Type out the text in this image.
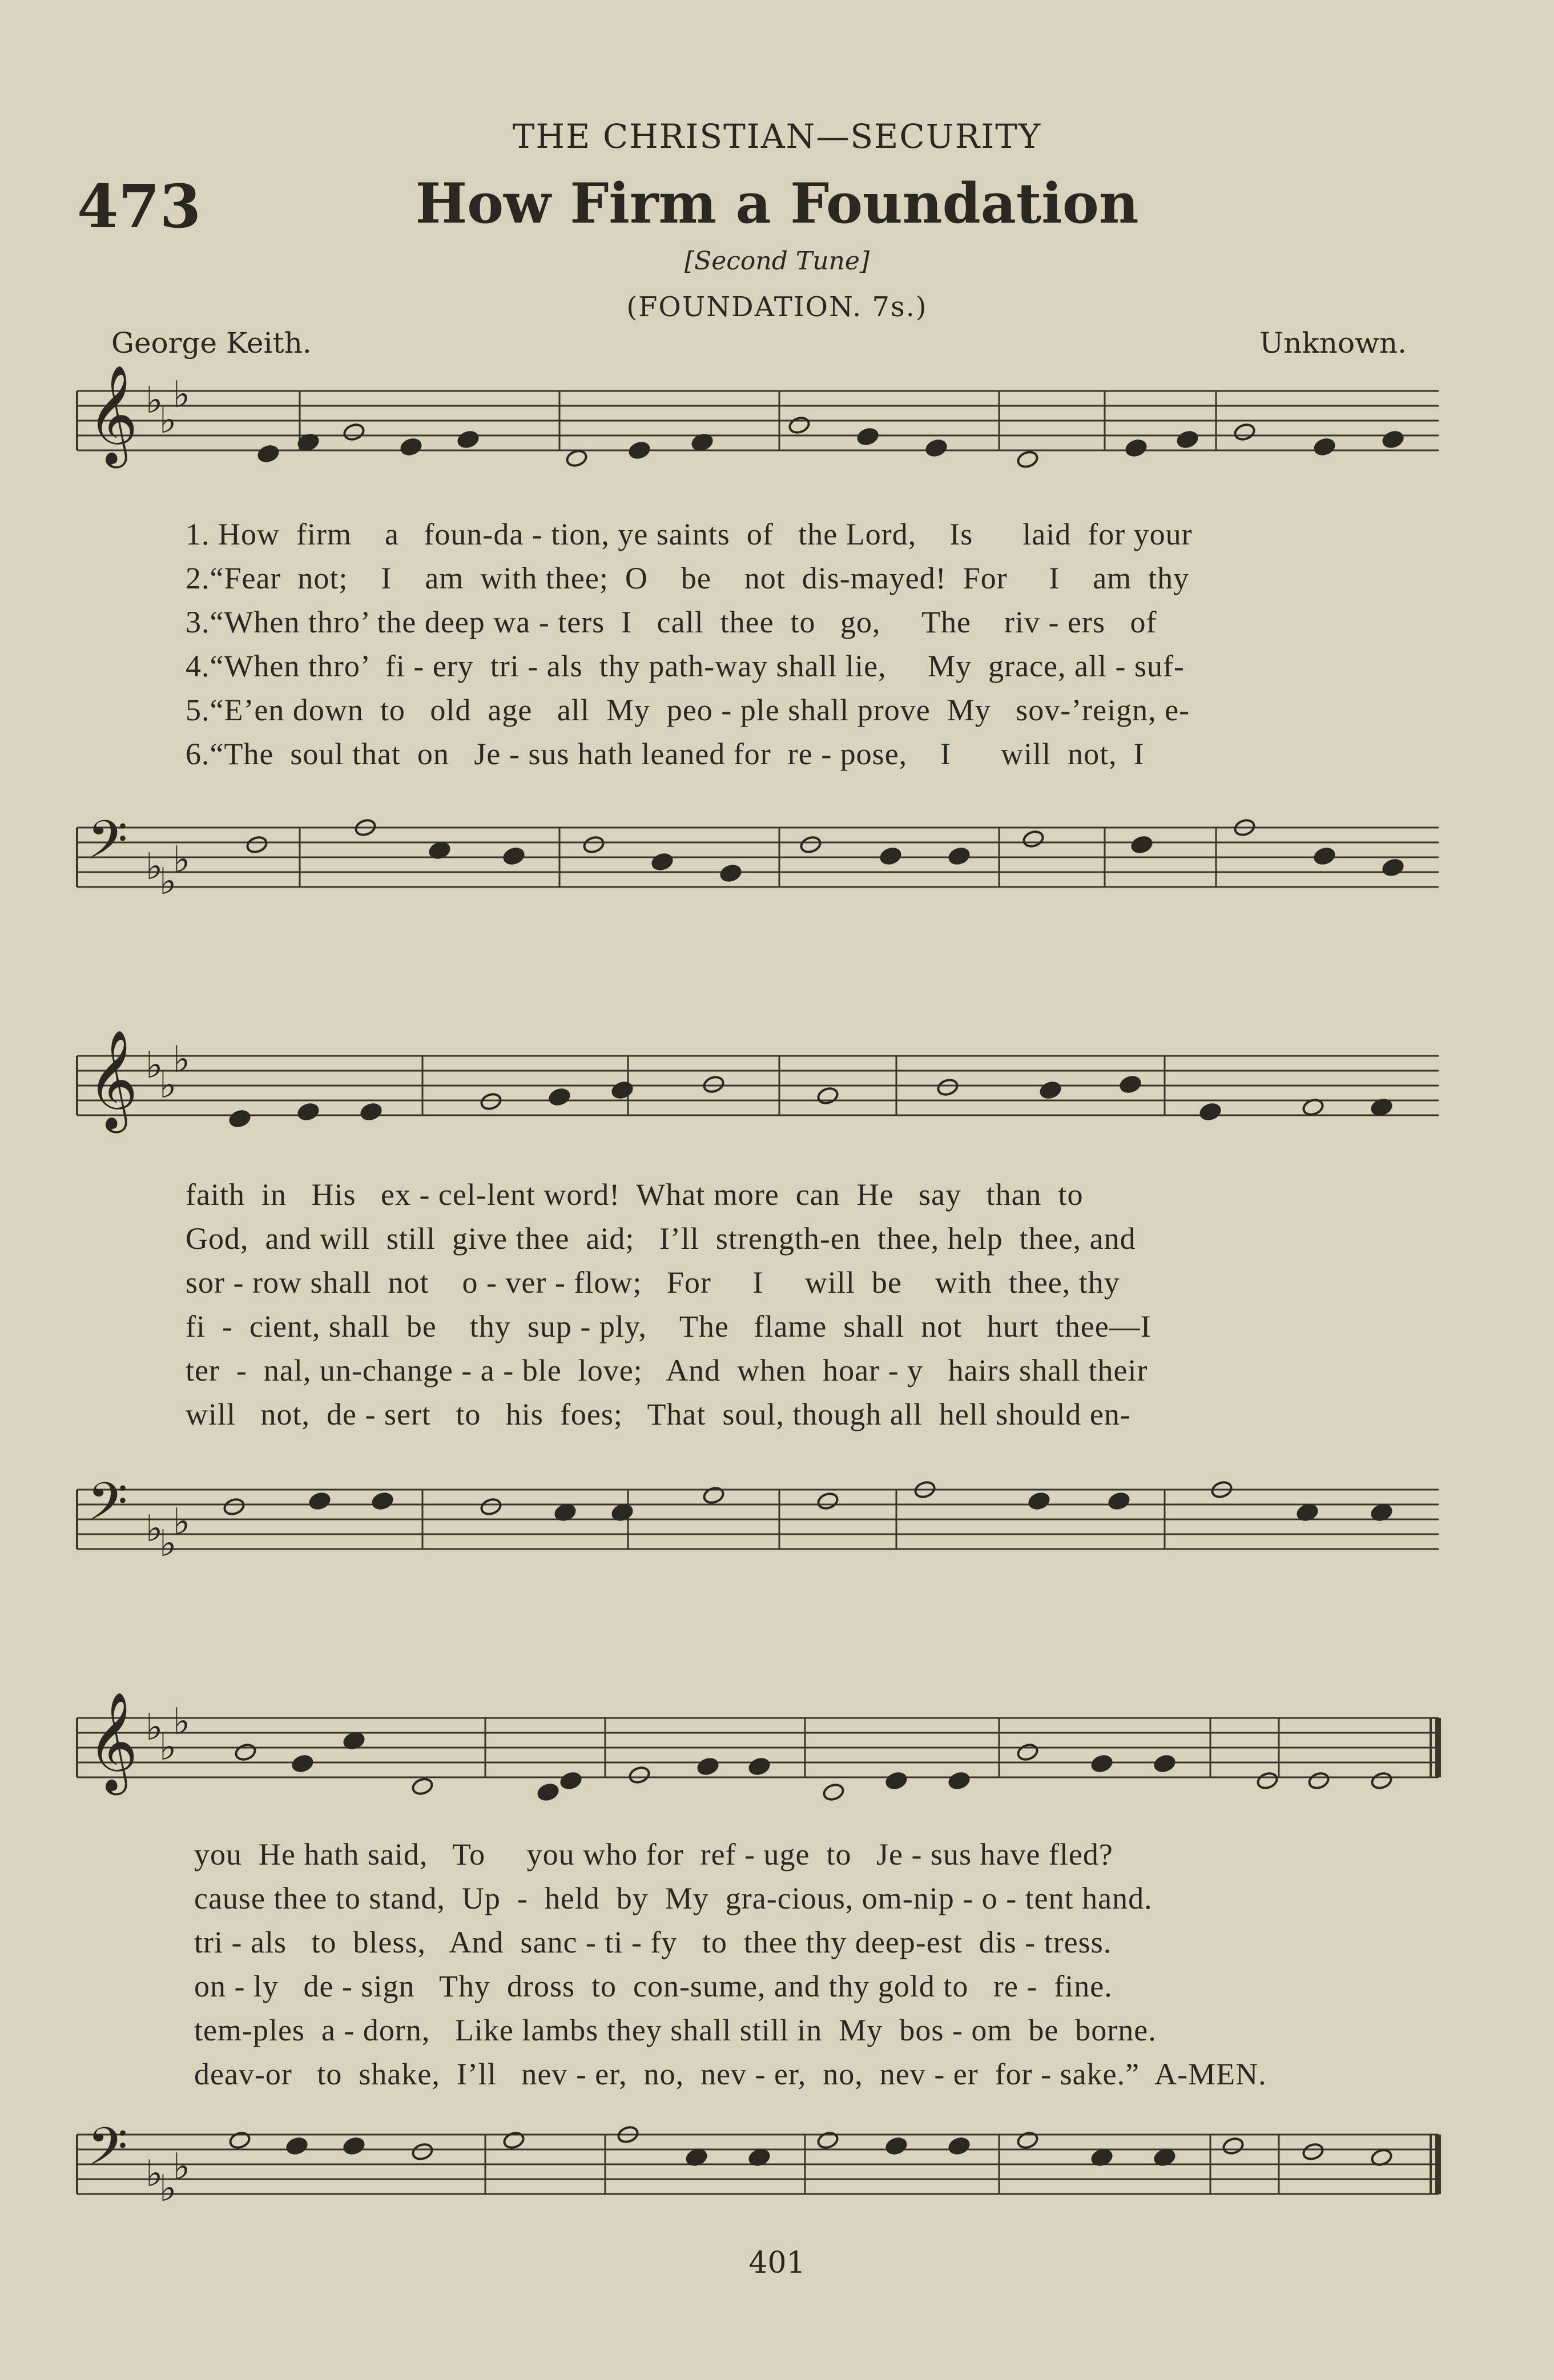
THE CHRISTIAN—SECURITY
473	How Firm a Foundation
[Second Tune]
(FOUNDATION. 7s.)
George Keith.	Unknown.
𝄞 ♭
♭
♭
1. How  firm    a   foun-da - tion, ye saints  of   the Lord,    Is      laid  for your
2.“Fear  not;    I    am  with thee;  O    be    not  dis-mayed!  For     I    am  thy
3.“When thro’ the deep wa - ters  I   call  thee  to   go,     The    riv - ers   of
4.“When thro’  fi - ery  tri - als  thy path-way shall lie,     My  grace, all - suf-
5.“E’en down  to   old  age   all  My  peo - ple shall prove  My   sov-’reign, e-
6.“The  soul that  on   Je - sus hath leaned for  re - pose,    I      will  not,  I
𝄢 ♭
♭
♭
𝄞 ♭
♭
♭
faith  in   His   ex - cel-lent word!  What more  can  He   say   than  to
God,  and will  still  give thee  aid;   I’ll  strength-en  thee, help  thee, and
sor - row shall  not    o - ver - flow;   For     I     will  be    with  thee, thy
fi  -  cient, shall  be    thy  sup - ply,    The   flame  shall  not   hurt  thee—I
ter  -  nal, un-change - a - ble  love;   And  when  hoar - y   hairs shall their
will   not,  de - sert   to   his  foes;   That  soul, though all  hell should en-
𝄢 ♭
♭
♭
𝄞 ♭
♭
♭
you  He hath said,   To     you who for  ref - uge  to   Je - sus have fled?
cause thee to stand,  Up  -  held  by  My  gra-cious, om-nip - o - tent hand.
tri - als   to  bless,   And  sanc - ti - fy   to  thee thy deep-est  dis - tress.
on - ly   de - sign   Thy  dross  to  con-sume, and thy gold to   re -  fine.
tem-ples  a - dorn,   Like lambs they shall still in  My  bos - om  be  borne.
deav-or   to  shake,  I’ll   nev - er,  no,  nev - er,  no,  nev - er  for - sake.”  A-MEN.
𝄢 ♭
♭
♭
401
